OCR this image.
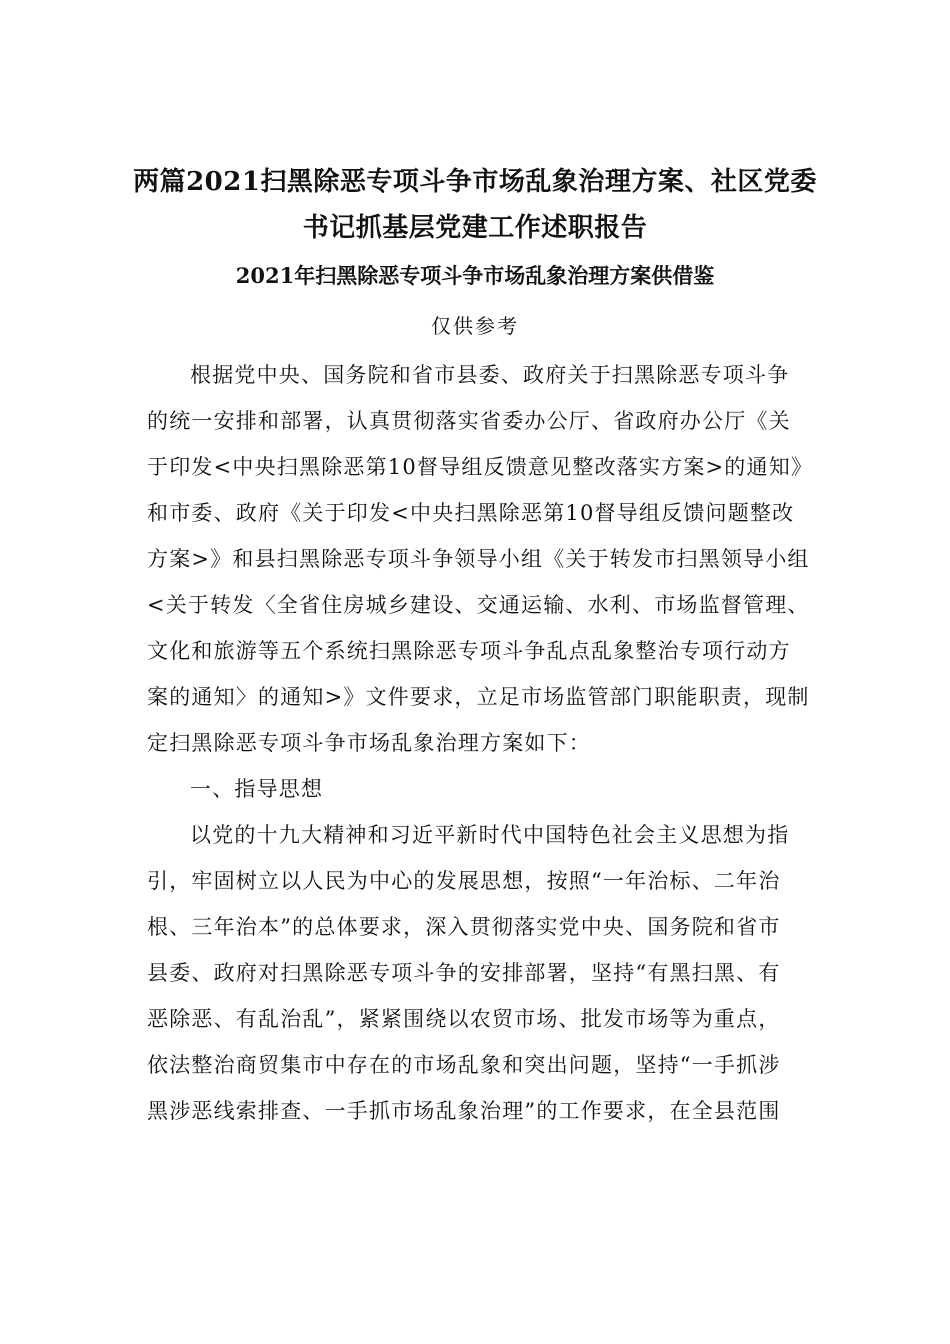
两篇2021扫黑除恶专项斗争市场乱象治理方案、社区党委
书记抓基层党建工作述职报告
2021年扫黑除恶专项斗争市场乱象治理方案供借鉴
仅供参考
根据党中央、国务院和省市县委、政府关于扫黑除恶专项斗争
的统一安排和部署，认真贯彻落实省委办公厅、省政府办公厅《关
于印发<中央扫黑除恶第10督导组反馈意见整改落实方案>的通知》
和市委、政府《关于印发<中央扫黑除恶第10督导组反馈问题整改
方案>》和县扫黑除恶专项斗争领导小组《关于转发市扫黑领导小组
<关于转发〈全省住房城乡建设、交通运输、水利、市场监督管理、
文化和旅游等五个系统扫黑除恶专项斗争乱点乱象整治专项行动方
案的通知〉的通知>》文件要求，立足市场监管部门职能职责，现制
定扫黑除恶专项斗争市场乱象治理方案如下：
一、指导思想
以党的十九大精神和习近平新时代中国特色社会主义思想为指
引，牢固树立以人民为中心的发展思想，按照“一年治标、二年治
根、三年治本”的总体要求，深入贯彻落实党中央、国务院和省市
县委、政府对扫黑除恶专项斗争的安排部署，坚持“有黑扫黑、有
恶除恶、有乱治乱”，紧紧围绕以农贸市场、批发市场等为重点，
依法整治商贸集市中存在的市场乱象和突出问题，坚持“一手抓涉
黑涉恶线索排查、一手抓市场乱象治理”的工作要求，在全县范围
